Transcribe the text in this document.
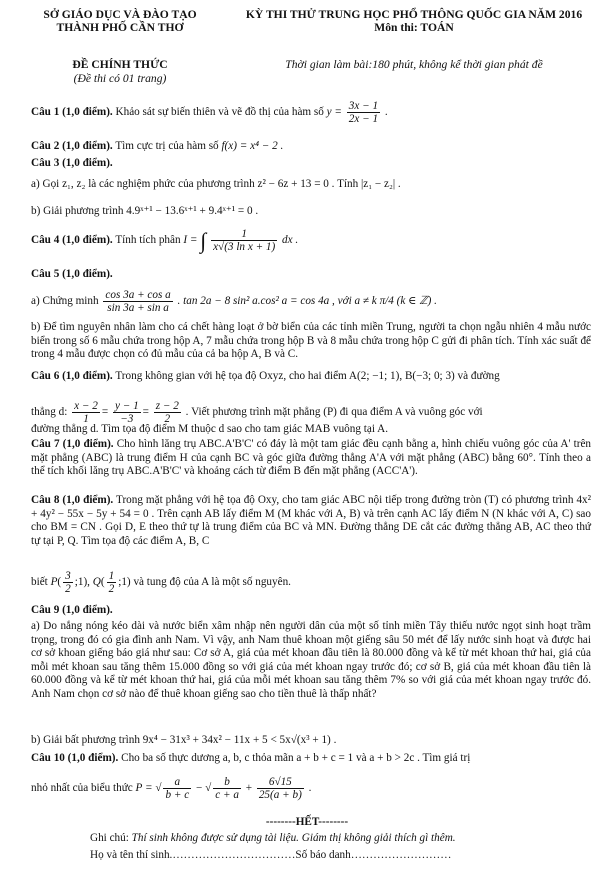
SỞ GIÁO DỤC VÀ ĐÀO TẠO
THÀNH PHỐ CẦN THƠ
KỲ THI THỬ TRUNG HỌC PHỔ THÔNG QUỐC GIA NĂM 2016
Môn thi: TOÁN
ĐỀ CHÍNH THỨC
(Đề thi có 01 trang)
Thời gian làm bài:180 phút, không kể thời gian phát đề
Câu 1 (1,0 điểm). Khảo sát sự biến thiên và vẽ đồ thị của hàm số $y = \frac{3x - 1}{2x - 1}$ .
Câu 2 (1,0 điểm). Tìm cực trị của hàm số f(x) = x⁴ − 2 .
Câu 3 (1,0 điểm).
a) Gọi z₁, z₂ là các nghiệm phức của phương trình z² − 6z + 13 = 0 . Tính |z₁ − z₂| .
b) Giải phương trình 4.9ˣ⁺¹ − 13.6ˣ⁺¹ + 9.4ˣ⁺¹ = 0 .
Câu 4 (1,0 điểm). Tính tích phân I = ∫ $\frac{1}{\text{x√(3 ln x + 1)}}$ dx .
Câu 5 (1,0 điểm).
a) Chứng minh $\frac{\text{cos 3a + cos a}}{\text{sin 3a + sin a}}$ . tan 2a − 8 sin² a.cos² a = cos 4a , với a ≠ k π/4 (k ∈ ℤ) .
b) Để tìm nguyên nhân làm cho cá chết hàng loạt ở bờ biển của các tỉnh miền Trung, người ta chọn ngẫu nhiên 4 mẫu nước biển trong số 6 mẫu chứa trong hộp A, 7 mẫu chứa trong hộp B và 8 mẫu chứa trong hộp C gửi đi phân tích. Tính xác suất để trong 4 mẫu được chọn có đủ mẫu của cả ba hộp A, B và C.
Câu 6 (1,0 điểm). Trong không gian với hệ tọa độ Oxyz, cho hai điểm A(2; −1; 1), B(−3; 0; 3) và đường
thẳng d: $\frac{x - 2}{1} = \frac{y - 1}{-3} = \frac{z - 2}{2}$ . Viết phương trình mặt phẳng (P) đi qua điểm A và vuông góc với
đường thẳng d. Tìm tọa độ điểm M thuộc d sao cho tam giác MAB vuông tại A.
Câu 7 (1,0 điểm). Cho hình lăng trụ ABC.A'B'C' có đáy là một tam giác đều cạnh bằng a, hình chiếu vuông góc của A' trên mặt phẳng (ABC) là trung điểm H của cạnh BC và góc giữa đường thẳng A'A với mặt phẳng (ABC) bằng 60°. Tính theo a thể tích khối lăng trụ ABC.A'B'C' và khoảng cách từ điểm B đến mặt phẳng (ACC'A').
Câu 8 (1,0 điểm). Trong mặt phẳng với hệ tọa độ Oxy, cho tam giác ABC nội tiếp trong đường tròn (T) có phương trình 4x² + 4y² − 55x − 5y + 54 = 0 . Trên cạnh AB lấy điểm M (M khác với A, B) và trên cạnh AC lấy điểm N (N khác với A, C) sao cho BM = CN . Gọi D, E theo thứ tự là trung điểm của BC và MN. Đường thẳng DE cắt các đường thẳng AB, AC theo thứ tự tại P, Q. Tìm tọa độ các điểm A, B, C
biết $P( \frac{3}{2}$ ;1), $Q( \frac{1}{2}$ ;1) và tung độ của A là một số nguyên.
Câu 9 (1,0 điểm).
a) Do nắng nóng kéo dài và nước biển xâm nhập nên người dân của một số tỉnh miền Tây thiếu nước ngọt sinh hoạt trầm trọng, trong đó có gia đình anh Nam. Vì vậy, anh Nam thuê khoan một giếng sâu 50 mét để lấy nước sinh hoạt và được hai cơ sở khoan giếng báo giá như sau: Cơ sở A, giá của mét khoan đầu tiên là 80.000 đồng và kể từ mét khoan thứ hai, giá của mỗi mét khoan sau tăng thêm 15.000 đồng so với giá của mét khoan ngay trước đó; cơ sở B, giá của mét khoan đầu tiên là 60.000 đồng và kể từ mét khoan thứ hai, giá của mỗi mét khoan sau tăng thêm 7% so với giá của mét khoan ngay trước đó. Anh Nam chọn cơ sở nào để thuê khoan giếng sao cho tiền thuê là thấp nhất?
b) Giải bất phương trình 9x⁴ − 31x³ + 34x² − 11x + 5 < 5x√(x³ + 1) .
Câu 10 (1,0 điểm). Cho ba số thực dương a, b, c thỏa mãn a + b + c = 1 và a + b > 2c . Tìm giá trị
nhỏ nhất của biểu thức P = √ $\frac{a}{b + c}$ − √ $\frac{b}{c + a} + \frac{6√15}{25(a + b)}$ .
--------HẾT--------
Ghi chú: Thí sinh không được sử dụng tài liệu. Giám thị không giải thích gì thêm.
Họ và tên thí sinh.……………………………Số báo danh………………………
